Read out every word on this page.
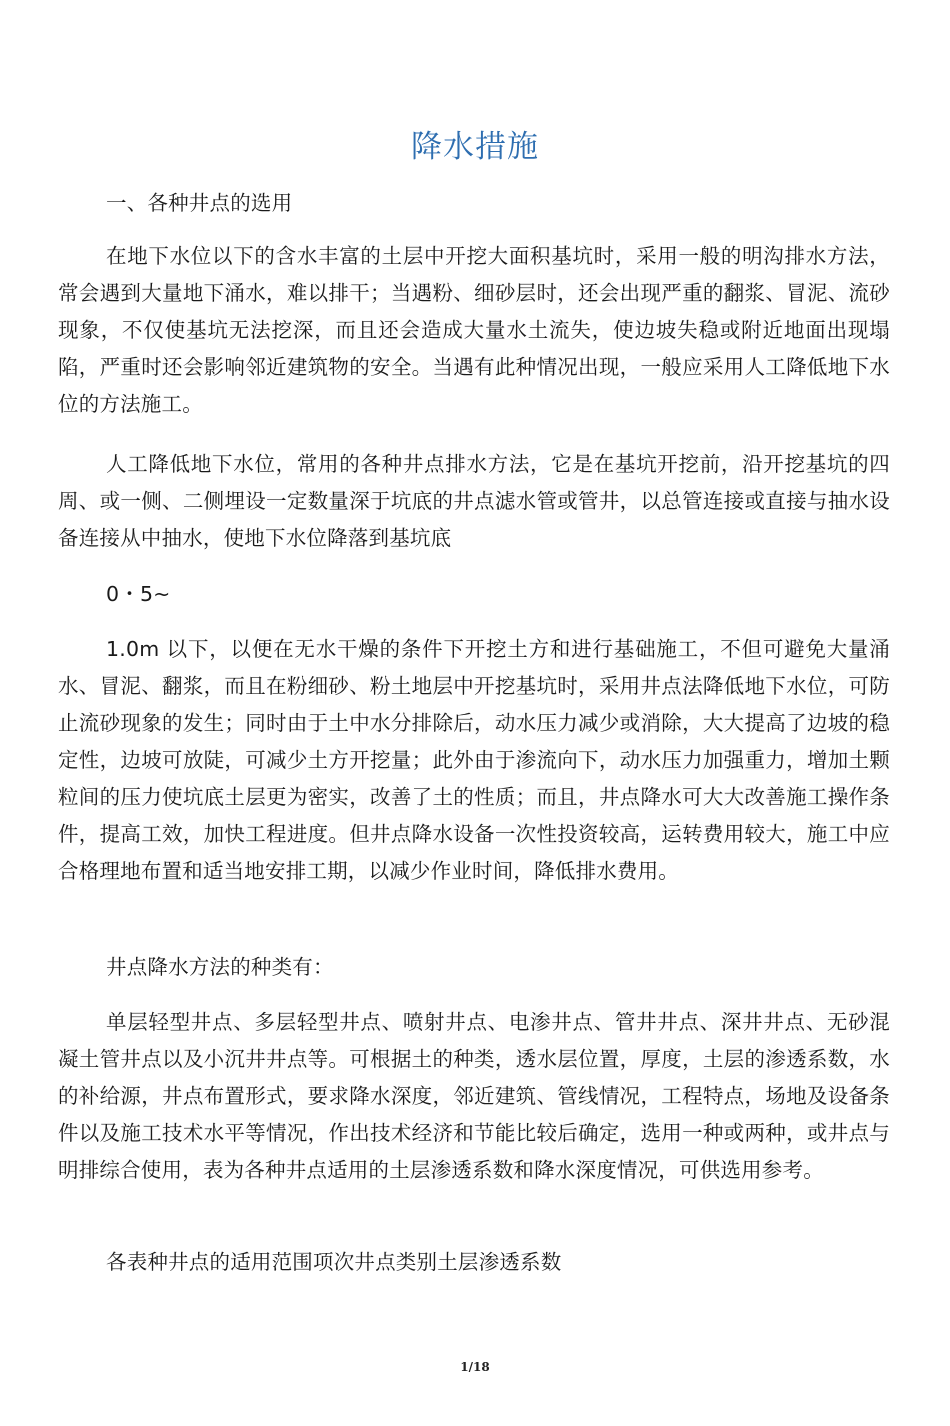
降水措施

一、各种井点的选用

在地下水位以下的含水丰富的土层中开挖大面积基坑时，采用一般的明沟排水方法，常会遇到大量地下涌水，难以排干；当遇粉、细砂层时，还会出现严重的翻浆、冒泥、流砂现象，不仅使基坑无法挖深，而且还会造成大量水土流失，使边坡失稳或附近地面出现塌陷，严重时还会影响邻近建筑物的安全。当遇有此种情况出现，一般应采用人工降低地下水位的方法施工。

人工降低地下水位，常用的各种井点排水方法，它是在基坑开挖前，沿开挖基坑的四周、或一侧、二侧埋设一定数量深于坑底的井点滤水管或管井，以总管连接或直接与抽水设备连接从中抽水，使地下水位降落到基坑底

0・5~

1.0m 以下，以便在无水干燥的条件下开挖土方和进行基础施工，不但可避免大量涌水、冒泥、翻浆，而且在粉细砂、粉土地层中开挖基坑时，采用井点法降低地下水位，可防止流砂现象的发生；同时由于土中水分排除后，动水压力减少或消除，大大提高了边坡的稳定性，边坡可放陡，可减少土方开挖量；此外由于渗流向下，动水压力加强重力，增加土颗粒间的压力使坑底土层更为密实，改善了土的性质；而且，井点降水可大大改善施工操作条件，提高工效，加快工程进度。但井点降水设备一次性投资较高，运转费用较大，施工中应合格理地布置和适当地安排工期，以减少作业时间，降低排水费用。

井点降水方法的种类有：

单层轻型井点、多层轻型井点、喷射井点、电渗井点、管井井点、深井井点、无砂混凝土管井点以及小沉井井点等。可根据土的种类，透水层位置，厚度，土层的渗透系数，水的补给源，井点布置形式，要求降水深度，邻近建筑、管线情况，工程特点，场地及设备条件以及施工技术水平等情况，作出技术经济和节能比较后确定，选用一种或两种，或井点与明排综合使用，表为各种井点适用的土层渗透系数和降水深度情况，可供选用参考。

各表种井点的适用范围项次井点类别土层渗透系数

1/18
